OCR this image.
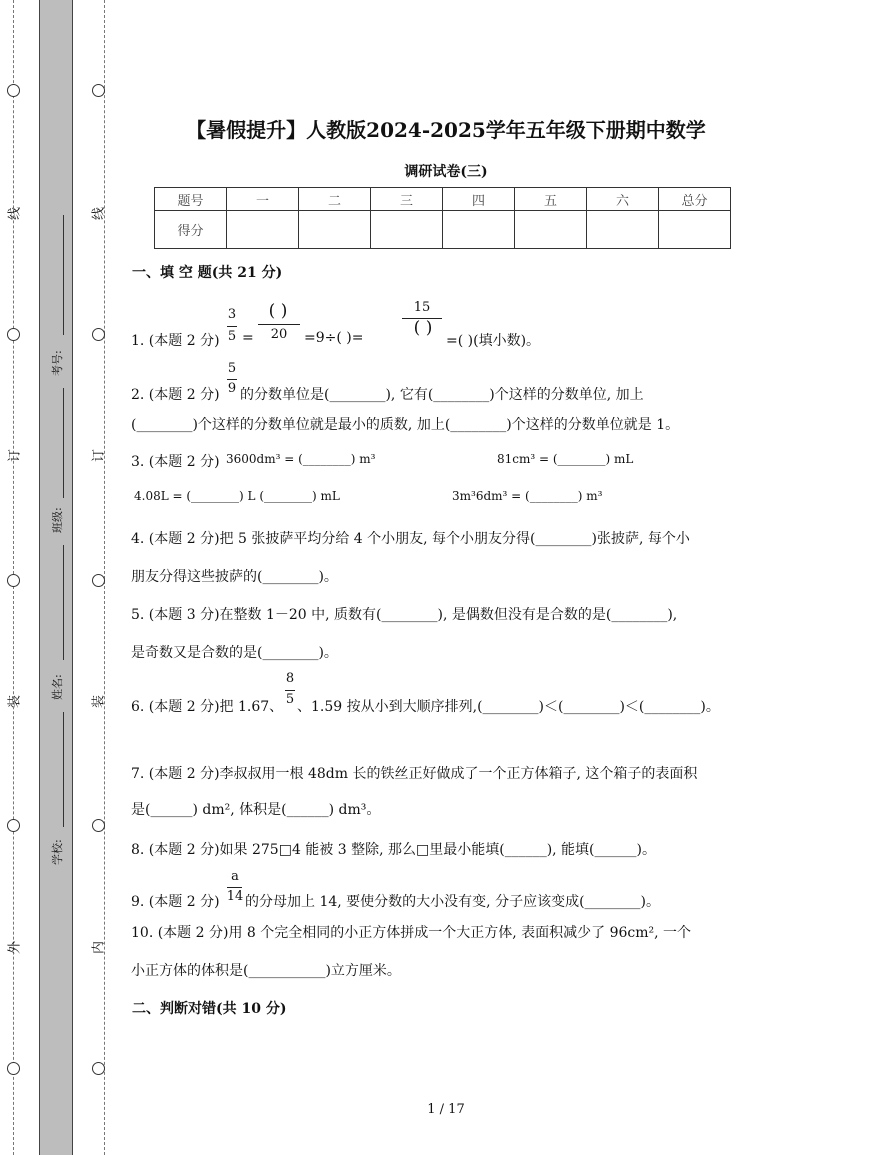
线
订
装
外
线
订
装
内
考号:
班级:
姓名:
学校:
【暑假提升】人教版2024-2025学年五年级下册期中数学
调研试卷(三)
题号	一	二	三	四	五	六	总分
得分							
一、填 空 题(共 21 分)
1. (本题 2 分)
3
5 =
( )
20	=9÷( )=
15
( )
=( )(填小数)。
2. (本题 2 分)
5
9 的分数单位是(________), 它有(________)个这样的分数单位, 加上
(________)个这样的分数单位就是最小的质数, 加上(________)个这样的分数单位就是 1。
3. (本题 2 分) 3600dm³ = (________) m³	81cm³ = (________) mL
4.08L = (________) L (________) mL	3m³6dm³ = (________) m³
4. (本题 2 分)把 5 张披萨平均分给 4 个小朋友, 每个小朋友分得(________)张披萨, 每个小
朋友分得这些披萨的(________)。
5. (本题 3 分)在整数 1－20 中, 质数有(________), 是偶数但没有是合数的是(________),
是奇数又是合数的是(________)。
6. (本题 2 分)把 1.67、
8
5 、1.59 按从小到大顺序排列,(________)＜(________)＜(________)。
7. (本题 2 分)李叔叔用一根 48dm 长的铁丝正好做成了一个正方体箱子, 这个箱子的表面积
是(______) dm², 体积是(______) dm³。
8. (本题 2 分)如果 275□4 能被 3 整除, 那么□里最小能填(______), 能填(______)。
9. (本题 2 分)
a
14 的分母加上 14, 要使分数的大小没有变, 分子应该变成(________)。
10. (本题 2 分)用 8 个完全相同的小正方体拼成一个大正方体, 表面积减少了 96cm², 一个
小正方体的体积是(___________)立方厘米。
二、判断对错(共 10 分)
1 / 17
